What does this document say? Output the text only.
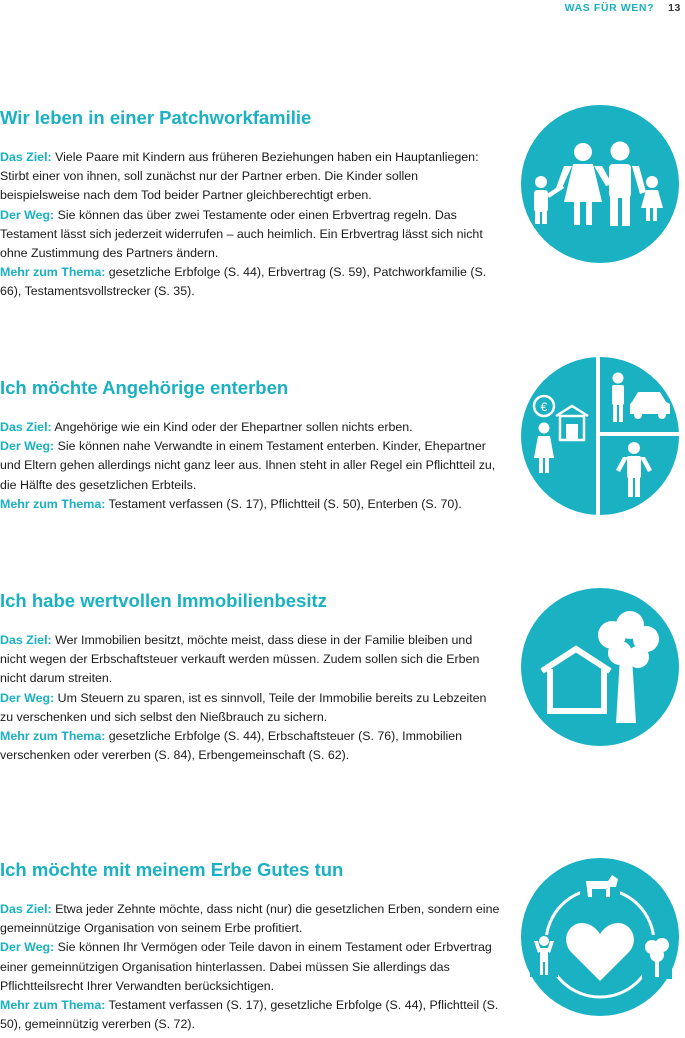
WAS FÜR WEN? 13
Wir leben in einer Patchworkfamilie

Das Ziel: Viele Paare mit Kindern aus früheren Beziehungen haben ein Hauptanliegen: Stirbt einer von ihnen, soll zunächst nur der Partner erben. Die Kinder sollen beispielsweise nach dem Tod beider Partner gleichberechtigt erben.
Der Weg: Sie können das über zwei Testamente oder einen Erbvertrag regeln. Das Testament lässt sich jederzeit widerrufen – auch heimlich. Ein Erbvertrag lässt sich nicht ohne Zustimmung des Partners ändern.
Mehr zum Thema: gesetzliche Erbfolge (S. 44), Erbvertrag (S. 59), Patchworkfamilie (S. 66), Testamentsvollstrecker (S. 35).

Ich möchte Angehörige enterben

Das Ziel: Angehörige wie ein Kind oder der Ehepartner sollen nichts erben.
Der Weg: Sie können nahe Verwandte in einem Testament enterben. Kinder, Ehepartner und Eltern gehen allerdings nicht ganz leer aus. Ihnen steht in aller Regel ein Pflichtteil zu, die Hälfte des gesetzlichen Erbteils.
Mehr zum Thema: Testament verfassen (S. 17), Pflichtteil (S. 50), Enterben (S. 70).

€
Ich habe wertvollen Immobilienbesitz

Das Ziel: Wer Immobilien besitzt, möchte meist, dass diese in der Familie bleiben und nicht wegen der Erbschaftsteuer verkauft werden müssen. Zudem sollen sich die Erben nicht darum streiten.
Der Weg: Um Steuern zu sparen, ist es sinnvoll, Teile der Immobilie bereits zu Lebzeiten zu verschenken und sich selbst den Nießbrauch zu sichern.
Mehr zum Thema: gesetzliche Erbfolge (S. 44), Erbschaftsteuer (S. 76), Immobilien verschenken oder vererben (S. 84), Erbengemeinschaft (S. 62).

Ich möchte mit meinem Erbe Gutes tun

Das Ziel: Etwa jeder Zehnte möchte, dass nicht (nur) die gesetzlichen Erben, sondern eine gemeinnützige Organisation von seinem Erbe profitiert.
Der Weg: Sie können Ihr Vermögen oder Teile davon in einem Testament oder Erbvertrag einer gemeinnützigen Organisation hinterlassen. Dabei müssen Sie allerdings das Pflichtteilsrecht Ihrer Verwandten berücksichtigen.
Mehr zum Thema: Testament verfassen (S. 17), gesetzliche Erbfolge (S. 44), Pflichtteil (S. 50), gemeinnützig vererben (S. 72).
